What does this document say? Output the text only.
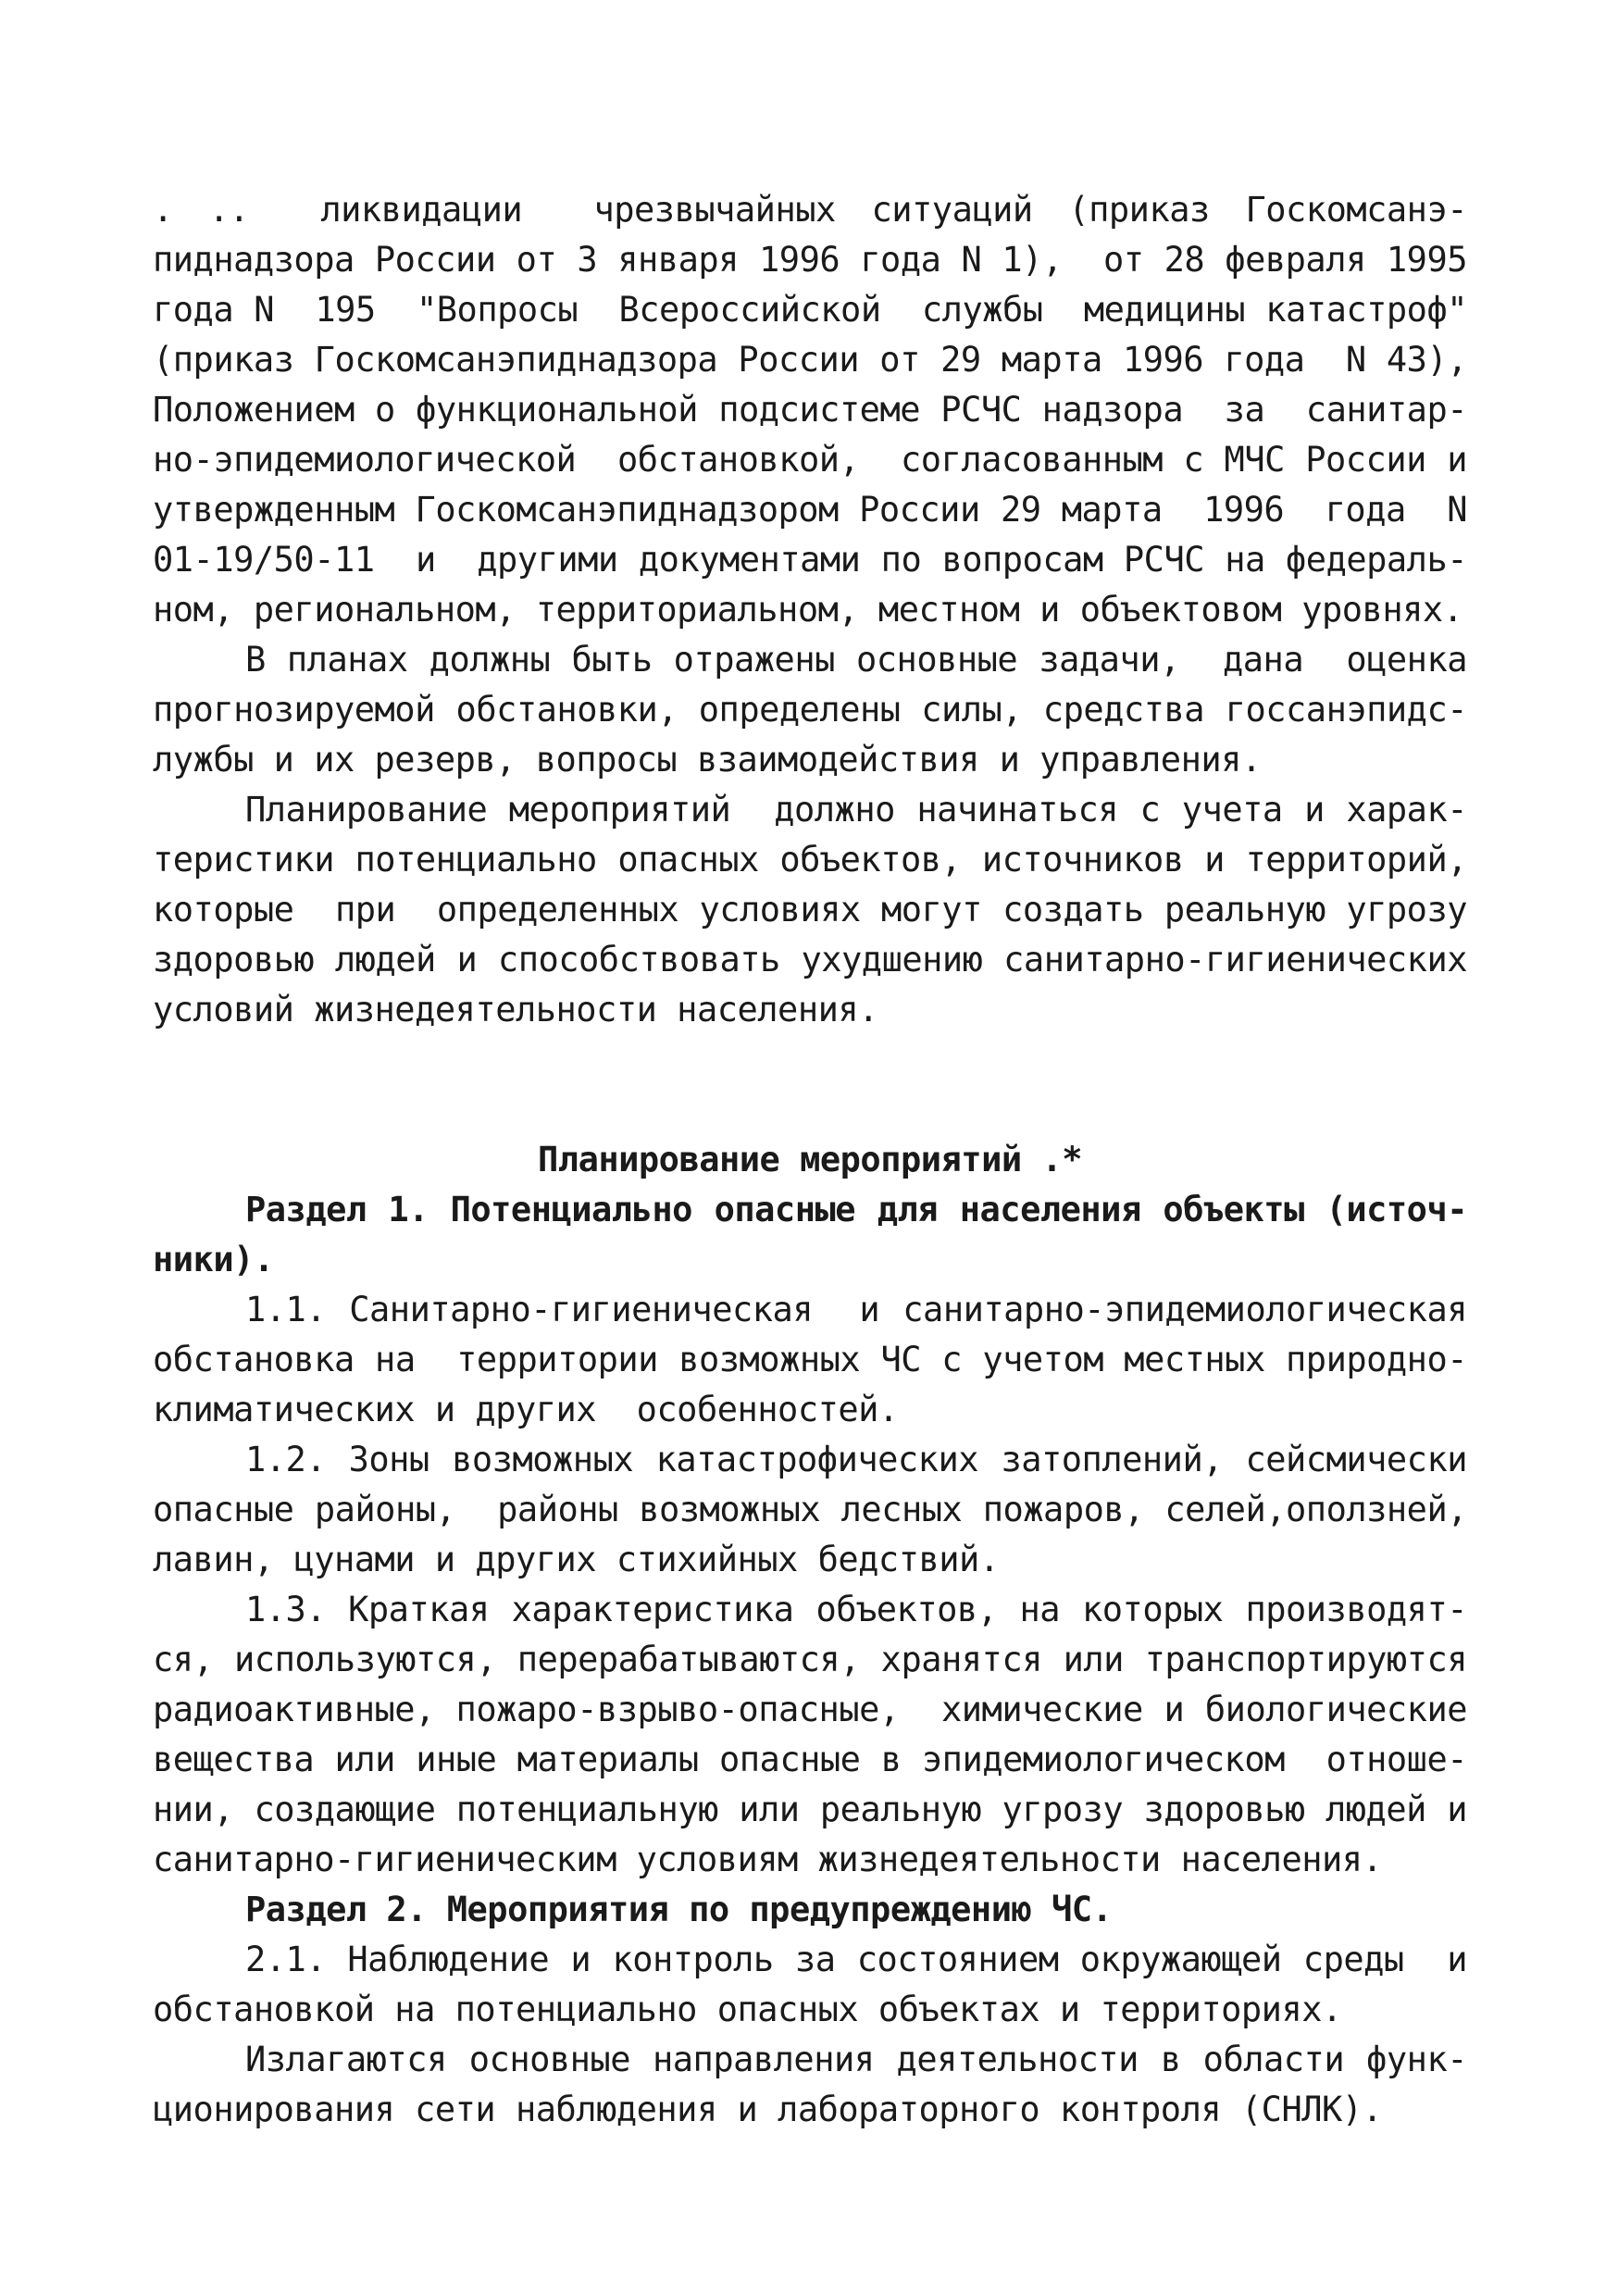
. ..  ликвидации  чрезвычайных ситуаций (приказ Госкомсанэ-
пиднадзора России от 3 января 1996 года N 1),  от 28 февраля 1995
года N  195  "Вопросы  Всероссийской  службы  медицины катастроф"
(приказ Госкомсанэпиднадзора России от 29 марта 1996 года  N 43),
Положением о функциональной подсистеме РСЧС надзора  за  санитар-
но-эпидемиологической  обстановкой,  согласованным с МЧС России и
утвержденным Госкомсанэпиднадзором России 29 марта  1996  года  N
01-19/50-11  и  другими документами по вопросам РСЧС на федераль-
ном, региональном, территориальном, местном и объектовом уровнях.
В планах должны быть отражены основные задачи,  дана  оценка
прогнозируемой обстановки, определены силы, средства госсанэпидс-
лужбы и их резерв, вопросы взаимодействия и управления.
Планирование мероприятий  должно начинаться с учета и харак-
теристики потенциально опасных объектов, источников и территорий,
которые  при  определенных условиях могут создать реальную угрозу
здоровью людей и способствовать ухудшению санитарно-гигиенических
условий жизнедеятельности населения.
Планирование мероприятий .*
Раздел 1. Потенциально опасные для населения объекты (источ-
ники).
1.1. Санитарно-гигиеническая  и санитарно-эпидемиологическая
обстановка на  территории возможных ЧС с учетом местных природно-
климатических и других  особенностей.
1.2. Зоны возможных катастрофических затоплений, сейсмически
опасные районы,  районы возможных лесных пожаров, селей,оползней,
лавин, цунами и других стихийных бедствий.
1.3. Краткая характеристика объектов, на которых производят-
ся, используются, перерабатываются, хранятся или транспортируются
радиоактивные, пожаро-взрыво-опасные,  химические и биологические
вещества или иные материалы опасные в эпидемиологическом  отноше-
нии, создающие потенциальную или реальную угрозу здоровью людей и
санитарно-гигиеническим условиям жизнедеятельности населения.
Раздел 2. Мероприятия по предупреждению ЧС.
2.1. Наблюдение и контроль за состоянием окружающей среды  и
обстановкой на потенциально опасных объектах и территориях.
Излагаются основные направления деятельности в области функ-
ционирования сети наблюдения и лабораторного контроля (СНЛК).
